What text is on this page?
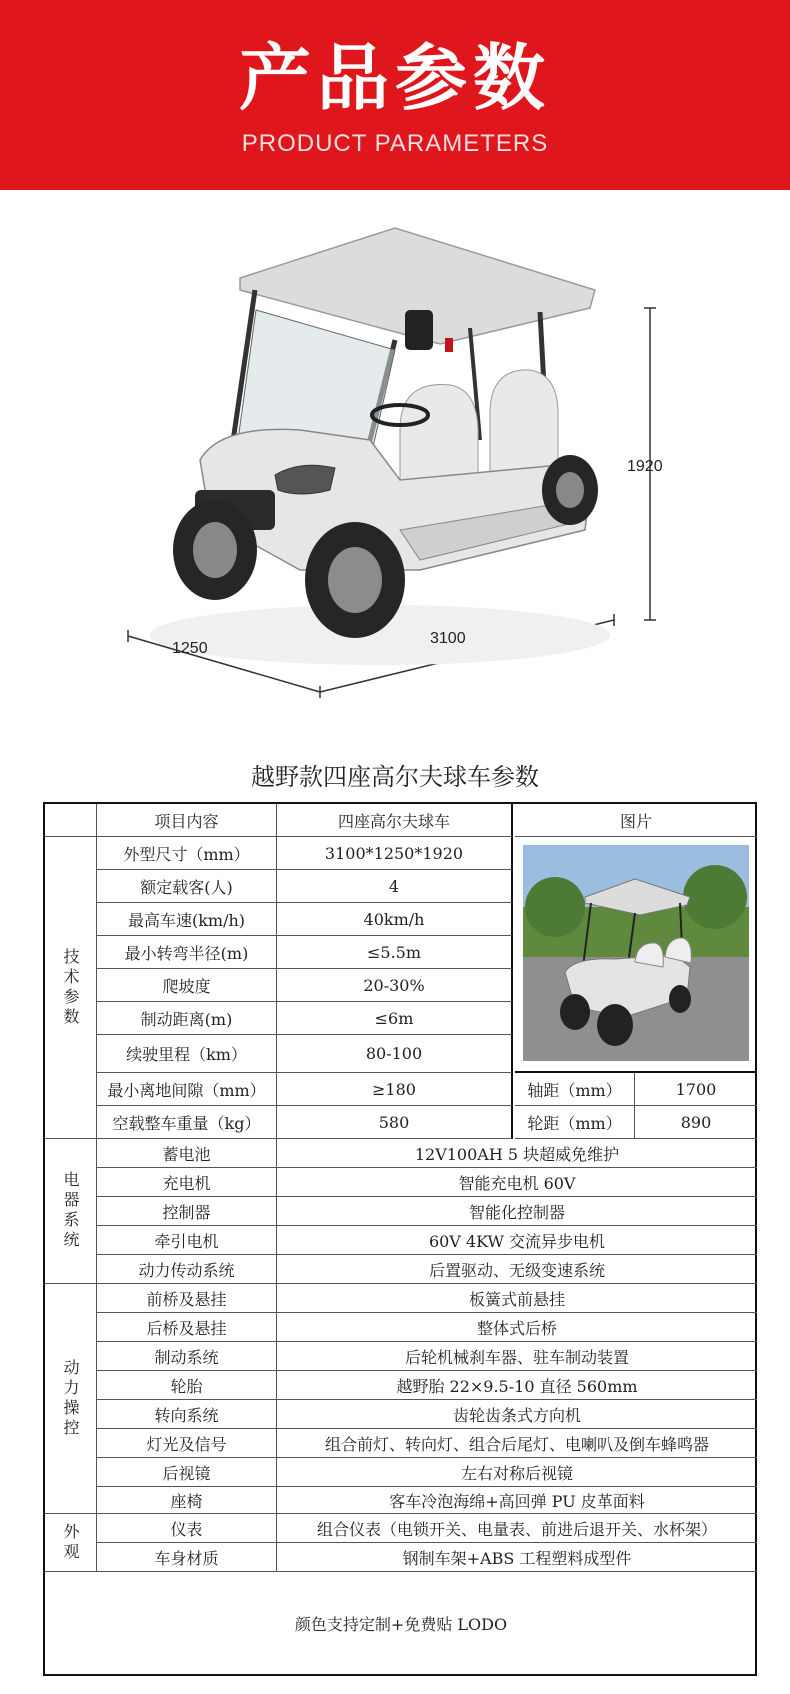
产品参数
PRODUCT PARAMETERS
1920
1250
3100
越野款四座高尔夫球车参数
项目内容	四座高尔夫球车	图片
技术参数
外型尺寸（mm）	3100*1250*1920
额定载客(人)	4
最高车速(km/h)	40km/h
最小转弯半径(m)	≤5.5m
爬坡度	20-30%
制动距离(m)	≤6m
续驶里程（km）	80-100
最小离地间隙（mm）	≥180	轴距（mm）	1700
空载整车重量（kg）	580	轮距（mm）	890
电器系统
蓄电池	12V100AH 5 块超威免维护
充电机	智能充电机 60V
控制器	智能化控制器
牵引电机	60V 4KW 交流异步电机
动力传动系统	后置驱动、无级变速系统
动力操控
前桥及悬挂	板簧式前悬挂
后桥及悬挂	整体式后桥
制动系统	后轮机械刹车器、驻车制动装置
轮胎	越野胎 22×9.5-10 直径 560mm
转向系统	齿轮齿条式方向机
灯光及信号	组合前灯、转向灯、组合后尾灯、电喇叭及倒车蜂鸣器
后视镜	左右对称后视镜
座椅	客车冷泡海绵+高回弹 PU 皮革面料
外观	仪表	组合仪表（电锁开关、电量表、前进后退开关、水杯架）
车身材质	钢制车架+ABS 工程塑料成型件
颜色支持定制+免费贴 LODO
